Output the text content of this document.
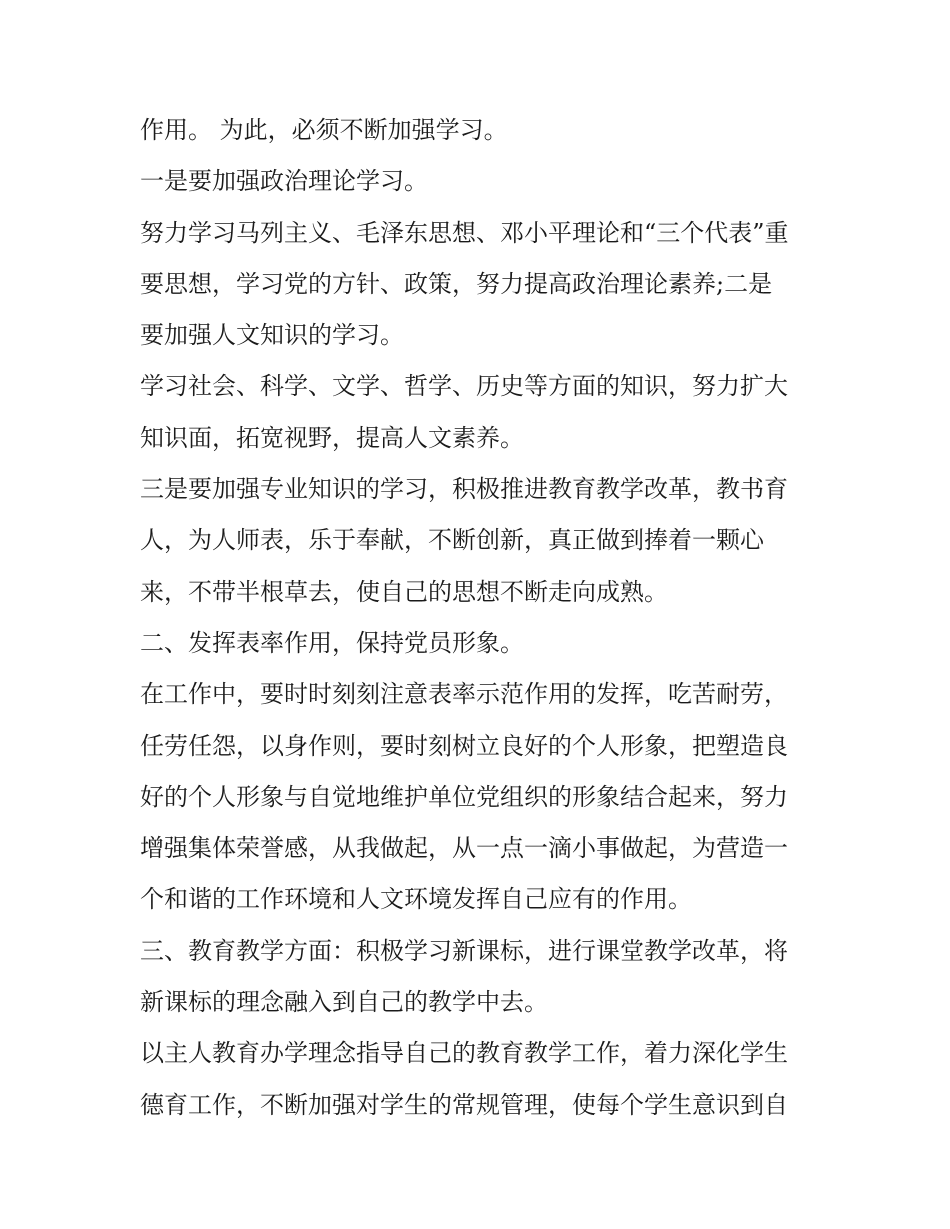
作用。 为此，必须不断加强学习。
一是要加强政治理论学习。
努力学习马列主义、毛泽东思想、邓小平理论和“三个代表”重
要思想，学习党的方针、政策，努力提高政治理论素养;二是
要加强人文知识的学习。
学习社会、科学、文学、哲学、历史等方面的知识，努力扩大
知识面，拓宽视野，提高人文素养。
三是要加强专业知识的学习，积极推进教育教学改革，教书育
人，为人师表，乐于奉献，不断创新，真正做到捧着一颗心
来，不带半根草去，使自己的思想不断走向成熟。
二、发挥表率作用，保持党员形象。
在工作中，要时时刻刻注意表率示范作用的发挥，吃苦耐劳，
任劳任怨，以身作则，要时刻树立良好的个人形象，把塑造良
好的个人形象与自觉地维护单位党组织的形象结合起来，努力
增强集体荣誉感，从我做起，从一点一滴小事做起，为营造一
个和谐的工作环境和人文环境发挥自己应有的作用。
三、教育教学方面：积极学习新课标，进行课堂教学改革，将
新课标的理念融入到自己的教学中去。
以主人教育办学理念指导自己的教育教学工作，着力深化学生
德育工作，不断加强对学生的常规管理，使每个学生意识到自
